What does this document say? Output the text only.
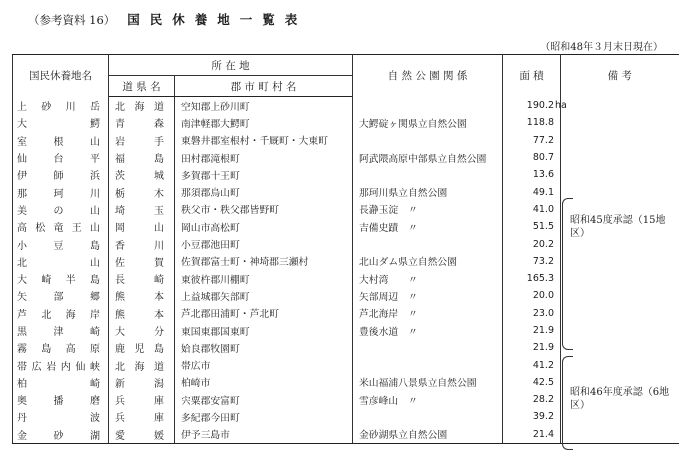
（参考資料 16） 国民休養地一覧表
（昭和48年３月末日現在）
国民休養地名	所 在 地		自 然 公 園 関 係	面 積	備 考
	道 県 名	郡 市 町 村 名			
上砂川岳	北海道	空知郡上砂川町		190.2 ha	

大鰐	青森	南津軽郡大鰐町	大鰐碇ヶ関県立自然公園	118.8	
室根山	岩手	東磐井郡室根村・千厩町・大東町		77.2	
仙台平	福島	田村郡滝根町	阿武隈高原中部県立自然公園	80.7	
伊師浜	茨城	多賀郡十王町		13.6	
那珂川	栃木	那須郡烏山町	那珂川県立自然公園	49.1	
美の山	埼玉	秩父市・秩父郡皆野町	長瀞玉淀　〃	41.0	
高松竜王山	岡山	岡山市高松町	吉備史蹟　〃	51.5	
小豆島	香川	小豆郡池田町		20.2	
北山	佐賀	佐賀郡富士町・神埼郡三瀬村	北山ダム県立自然公園	73.2	
大崎半島	長崎	東彼杵郡川棚町	大村湾　　〃	165.3	
矢部郷	熊本	上益城郡矢部町	矢部周辺　〃	20.0	
芦北海岸	熊本	芦北郡田浦町・芦北町	芦北海岸　〃	23.0	
黒津崎	大分	東国東郡国東町	豊後水道　〃	21.9	
霧島高原	鹿児島	姶良郡牧園町		21.9	
帯広岩内仙峡	北海道	帯広市		41.2	
柏崎	新潟	柏崎市	米山福浦八景県立自然公園	42.5	
奥播磨	兵庫	宍粟郡安富町	雪彦峰山　〃	28.2	
丹波	兵庫	多紀郡今田町		39.2	
金砂湖	愛媛	伊予三島市	金砂湖県立自然公園	21.4	
昭和45度承認（15地区）
昭和46年度承認（6地区）
